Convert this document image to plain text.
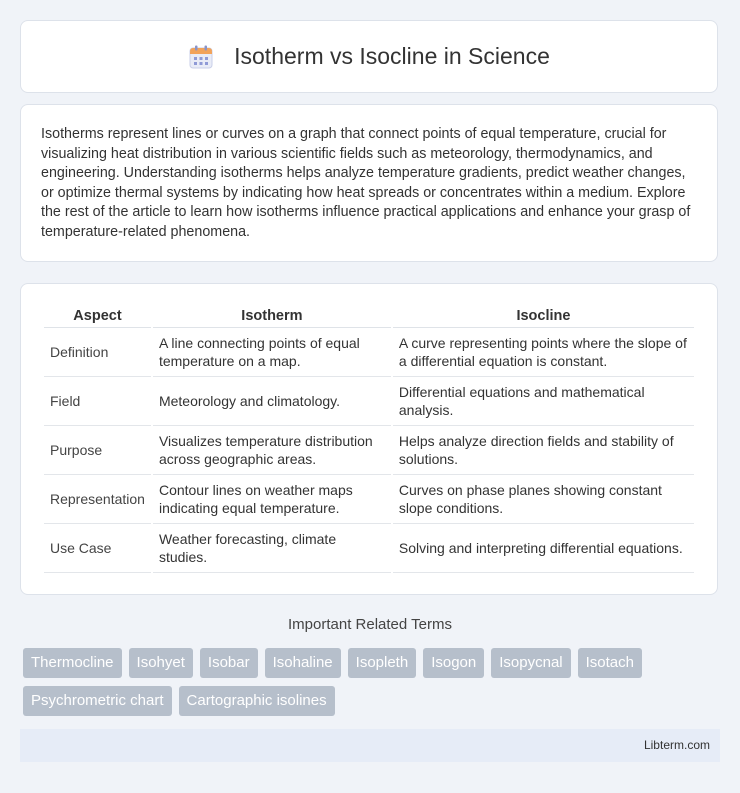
Isotherm vs Isocline in Science

Isotherms represent lines or curves on a graph that connect points of equal temperature, crucial for visualizing heat distribution in various scientific fields such as meteorology, thermodynamics, and engineering. Understanding isotherms helps analyze temperature gradients, predict weather changes, or optimize thermal systems by indicating how heat spreads or concentrates within a medium. Explore the rest of the article to learn how isotherms influence practical applications and enhance your grasp of temperature-related phenomena.

Aspect	Isotherm	Isocline
Definition	A line connecting points of equal temperature on a map.	A curve representing points where the slope of a differential equation is constant.
Field	Meteorology and climatology.	Differential equations and mathematical analysis.
Purpose	Visualizes temperature distribution across geographic areas.	Helps analyze direction fields and stability of solutions.
Representation	Contour lines on weather maps indicating equal temperature.	Curves on phase planes showing constant slope conditions.
Use Case	Weather forecasting, climate studies.	Solving and interpreting differential equations.
Important Related Terms
Thermocline	Isohyet	Isobar	Isohaline	Isopleth	Isogon	Isopycnal	Isotach
Psychrometric chart	Cartographic isolines
Libterm.com
